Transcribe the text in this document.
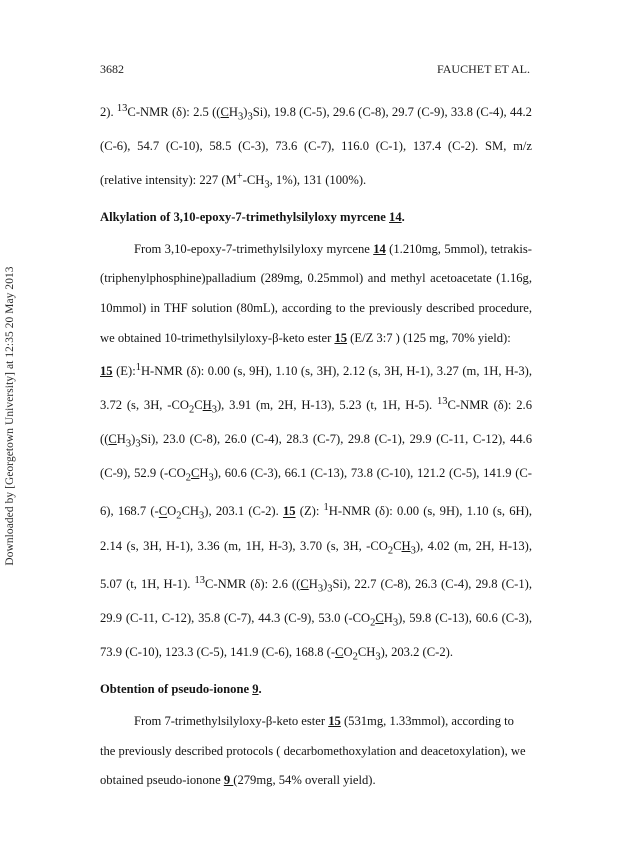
Downloaded by [Georgetown University] at 12:35 20 May 2013
3682	FAUCHET ET AL.

2). $^{13}$C-NMR (δ): 2.5 $((CH_3)_3Si)$, 19.8 (C-5), 29.6 (C-8), 29.7 (C-9), 33.8 (C-4), 44.2 (C-6), 54.7 (C-10), 58.5 (C-3), 73.6 (C-7), 116.0 (C-1), 137.4 (C-2). SM, m/z (relative intensity): 227 ($M^+-CH_3$, 1%), 131 (100%).

Alkylation of 3,10-epoxy-7-trimethylsilyloxy myrcene 14.

From 3,10-epoxy-7-trimethylsilyloxy myrcene 14 (1.210mg, 5mmol), tetrakis-(triphenylphosphine)palladium (289mg, 0.25mmol) and methyl acetoacetate (1.16g, 10mmol) in THF solution (80mL), according to the previously described procedure, we obtained 10-trimethylsilyloxy-β-keto ester 15 (E/Z 3:7 ) (125 mg, 70% yield):

15 (E):$^1$H-NMR (δ): 0.00 (s, 9H), 1.10 (s, 3H), 2.12 (s, 3H, H-1), 3.27 (m, 1H, H-3), 3.72 (s, 3H, $-CO_2CH_3$), 3.91 (m, 2H, H-13), 5.23 (t, 1H, H-5). $^{13}$C-NMR (δ): 2.6 $((CH_3)_3Si)$, 23.0 (C-8), 26.0 (C-4), 28.3 (C-7), 29.8 (C-1), 29.9 (C-11, C-12), 44.6 (C-9), 52.9 $(-CO_2CH_3)$, 60.6 (C-3), 66.1 (C-13), 73.8 (C-10), 121.2 (C-5), 141.9 (C-6), 168.7 $(-CO_2CH_3)$, 203.1 (C-2). 15 (Z): $^1$H-NMR (δ): 0.00 (s, 9H), 1.10 (s, 6H), 2.14 (s, 3H, H-1), 3.36 (m, 1H, H-3), 3.70 (s, 3H, $-CO_2CH_3$), 4.02 (m, 2H, H-13), 5.07 (t, 1H, H-1). $^{13}$C-NMR (δ): 2.6 $((CH_3)_3Si)$, 22.7 (C-8), 26.3 (C-4), 29.8 (C-1), 29.9 (C-11, C-12), 35.8 (C-7), 44.3 (C-9), 53.0 $(-CO_2CH_3)$, 59.8 (C-13), 60.6 (C-3), 73.9 (C-10), 123.3 (C-5), 141.9 (C-6), 168.8 $(-CO_2CH_3)$, 203.2 (C-2).

Obtention of pseudo-ionone 9.

From 7-trimethylsilyloxy-β-keto ester 15 (531mg, 1.33mmol), according to the previously described protocols ( decarbomethoxylation and deacetoxylation), we obtained pseudo-ionone 9 (279mg, 54% overall yield).
